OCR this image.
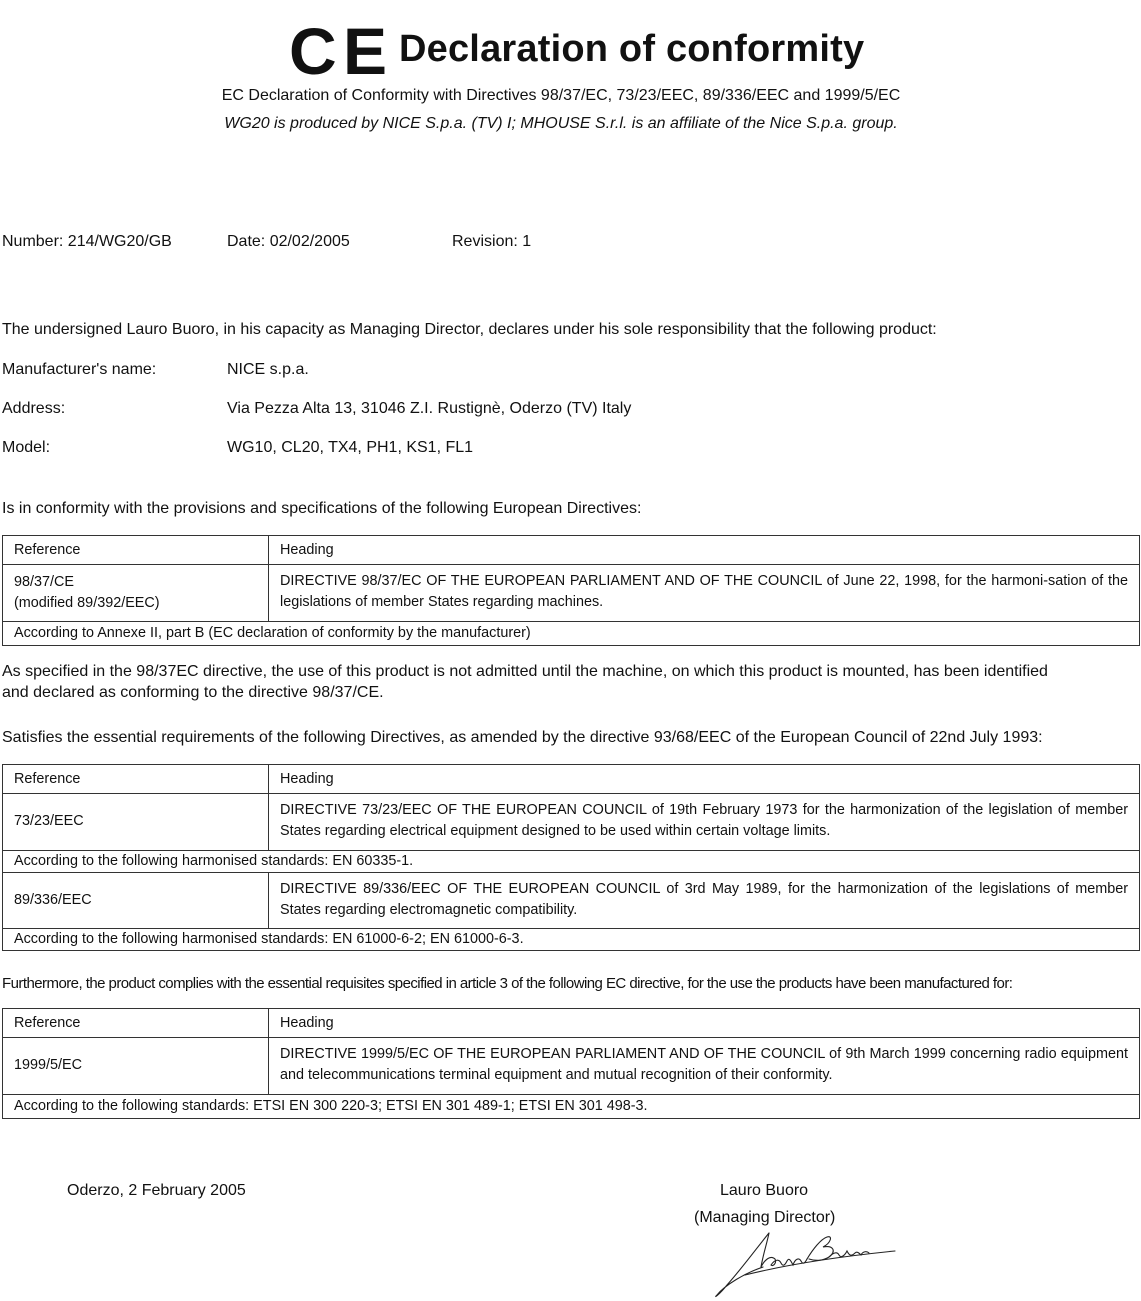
CE Declaration of conformity
EC Declaration of Conformity with Directives 98/37/EC, 73/23/EEC, 89/336/EEC and 1999/5/EC
WG20 is produced by NICE S.p.a. (TV) I; MHOUSE S.r.l. is an affiliate of the Nice S.p.a. group.
Number: 214/WG20/GB	Date: 02/02/2005	Revision: 1
The undersigned Lauro Buoro, in his capacity as Managing Director, declares under his sole responsibility that the following product:
Manufacturer's name:	NICE s.p.a.
Address:	Via Pezza Alta 13, 31046 Z.I. Rustignè, Oderzo (TV) Italy
Model:	WG10, CL20, TX4, PH1, KS1, FL1
Is in conformity with the provisions and specifications of the following European Directives:
Reference	Heading

98/37/CE
(modified 89/392/EEC)	DIRECTIVE 98/37/EC OF THE EUROPEAN PARLIAMENT AND OF THE COUNCIL of June 22, 1998, for the harmoni-sation of the legislations of member States regarding machines.
According to Annexe II, part B (EC declaration of conformity by the manufacturer)	
As specified in the 98/37EC directive, the use of this product is not admitted until the machine, on which this product is mounted, has been identified
and declared as conforming to the directive 98/37/CE.
Satisfies the essential requirements of the following Directives, as amended by the directive 93/68/EEC of the European Council of 22nd July 1993:
Reference	Heading
73/23/EEC	DIRECTIVE 73/23/EEC OF THE EUROPEAN COUNCIL of 19th February 1973 for the harmonization of the legislation of member States regarding electrical equipment designed to be used within certain voltage limits.
According to the following harmonised standards: EN 60335-1.	
89/336/EEC	DIRECTIVE 89/336/EEC OF THE EUROPEAN COUNCIL of 3rd May 1989, for the harmonization of the legislations of member States regarding electromagnetic compatibility.
According to the following harmonised standards: EN 61000-6-2; EN 61000-6-3.	
Furthermore, the product complies with the essential requisites specified in article 3 of the following EC directive, for the use the products have been manufactured for:
Reference	Heading
1999/5/EC	DIRECTIVE 1999/5/EC OF THE EUROPEAN PARLIAMENT AND OF THE COUNCIL of 9th March 1999 concerning radio equipment and telecommunications terminal equipment and mutual recognition of their conformity.
According to the following standards: ETSI EN 300 220-3; ETSI EN 301 489-1; ETSI EN 301 498-3.	
Oderzo, 2 February 2005	Lauro Buoro
(Managing Director)
